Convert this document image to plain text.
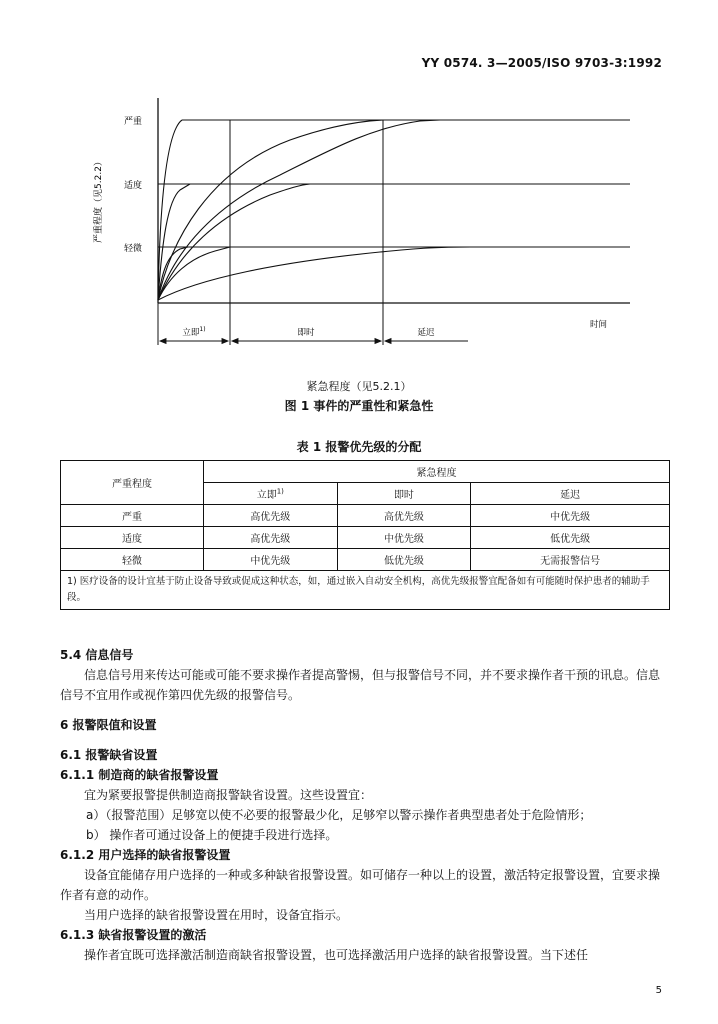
YY 0574. 3—2005/ISO 9703-3:1992
严重程度（见5.2.2）
严重
适度
轻微
时间
立即$^{1)}$	即时	延迟
紧急程度（见5.2.1）
图 1 事件的严重性和紧急性
表 1 报警优先级的分配
严重程度	紧急程度		
	立即$^{1)}$	即时	延迟
严重	高优先级	高优先级	中优先级
适度	高优先级	中优先级	低优先级
轻微	中优先级	低优先级	无需报警信号
1) 医疗设备的设计宜基于防止设备导致或促成这种状态，如，通过嵌入自动安全机构，高优先级报警宜配备如有可能随时保护患者的辅助手段。			
5.4 信息信号

信息信号用来传达可能或可能不要求操作者提高警惕，但与报警信号不同，并不要求操作者干预的讯息。信息信号不宜用作或视作第四优先级的报警信号。

6 报警限值和设置
6.1 报警缺省设置
6.1.1 制造商的缺省报警设置

宜为紧要报警提供制造商报警缺省设置。这些设置宜：

a）（报警范围）足够宽以使不必要的报警最少化，足够窄以警示操作者典型患者处于危险情形；
b） 操作者可通过设备上的便捷手段进行选择。
6.1.2 用户选择的缺省报警设置

设备宜能储存用户选择的一种或多种缺省报警设置。如可储存一种以上的设置，激活特定报警设置，宜要求操作者有意的动作。

当用户选择的缺省报警设置在用时，设备宜指示。

6.1.3 缺省报警设置的激活

操作者宜既可选择激活制造商缺省报警设置，也可选择激活用户选择的缺省报警设置。当下述任

5
